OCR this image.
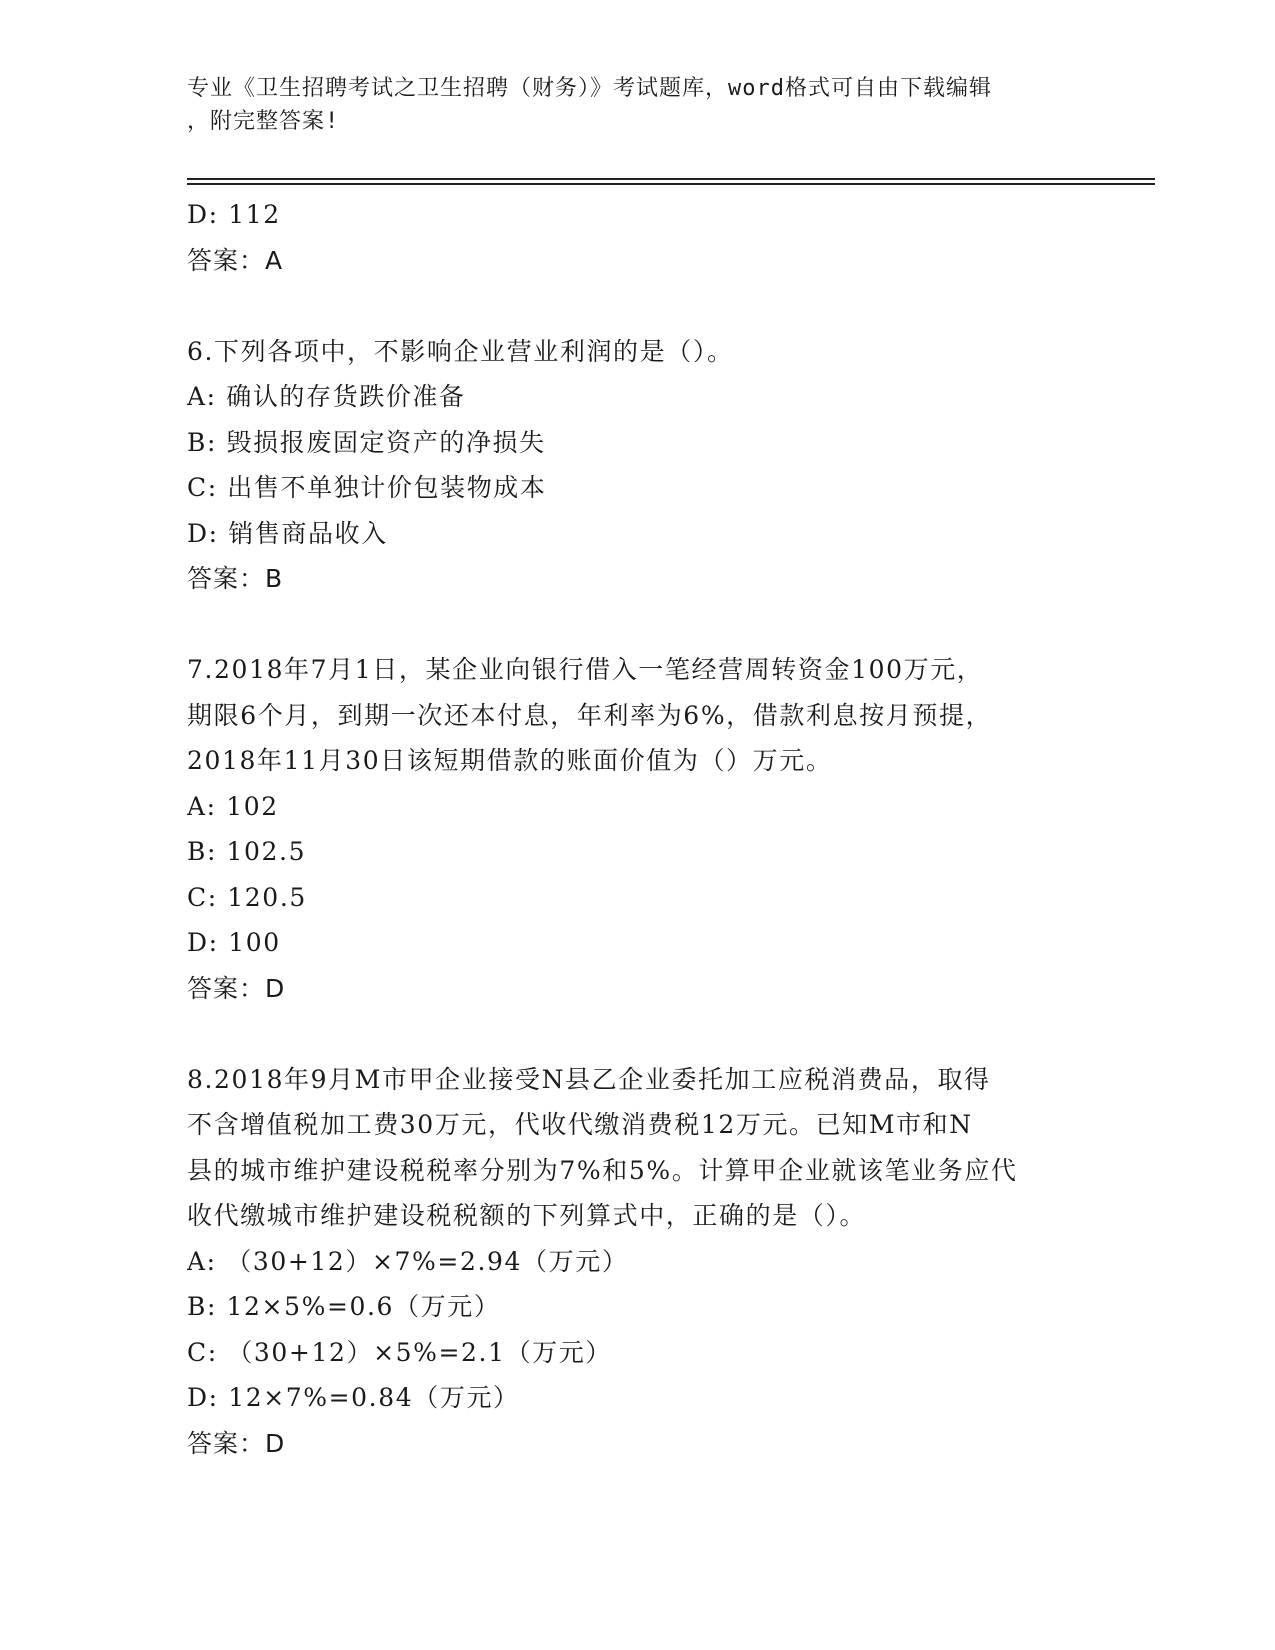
专业《卫生招聘考试之卫生招聘（财务）》考试题库，word格式可自由下载编辑
，附完整答案!
D: 112
答案：A
6.下列各项中，不影响企业营业利润的是（）。
A: 确认的存货跌价准备
B: 毁损报废固定资产的净损失
C: 出售不单独计价包装物成本
D: 销售商品收入
答案：B
7.2018年7月1日，某企业向银行借入一笔经营周转资金100万元，
期限6个月，到期一次还本付息，年利率为6%，借款利息按月预提，
2018年11月30日该短期借款的账面价值为（）万元。
A: 102
B: 102.5
C: 120.5
D: 100
答案：D
8.2018年9月M市甲企业接受N县乙企业委托加工应税消费品，取得
不含增值税加工费30万元，代收代缴消费税12万元。已知M市和N
县的城市维护建设税税率分别为7%和5%。计算甲企业就该笔业务应代
收代缴城市维护建设税税额的下列算式中，正确的是（）。
A: （30+12）×7%=2.94（万元）
B: 12×5%=0.6（万元）
C: （30+12）×5%=2.1（万元）
D: 12×7%=0.84（万元）
答案：D
